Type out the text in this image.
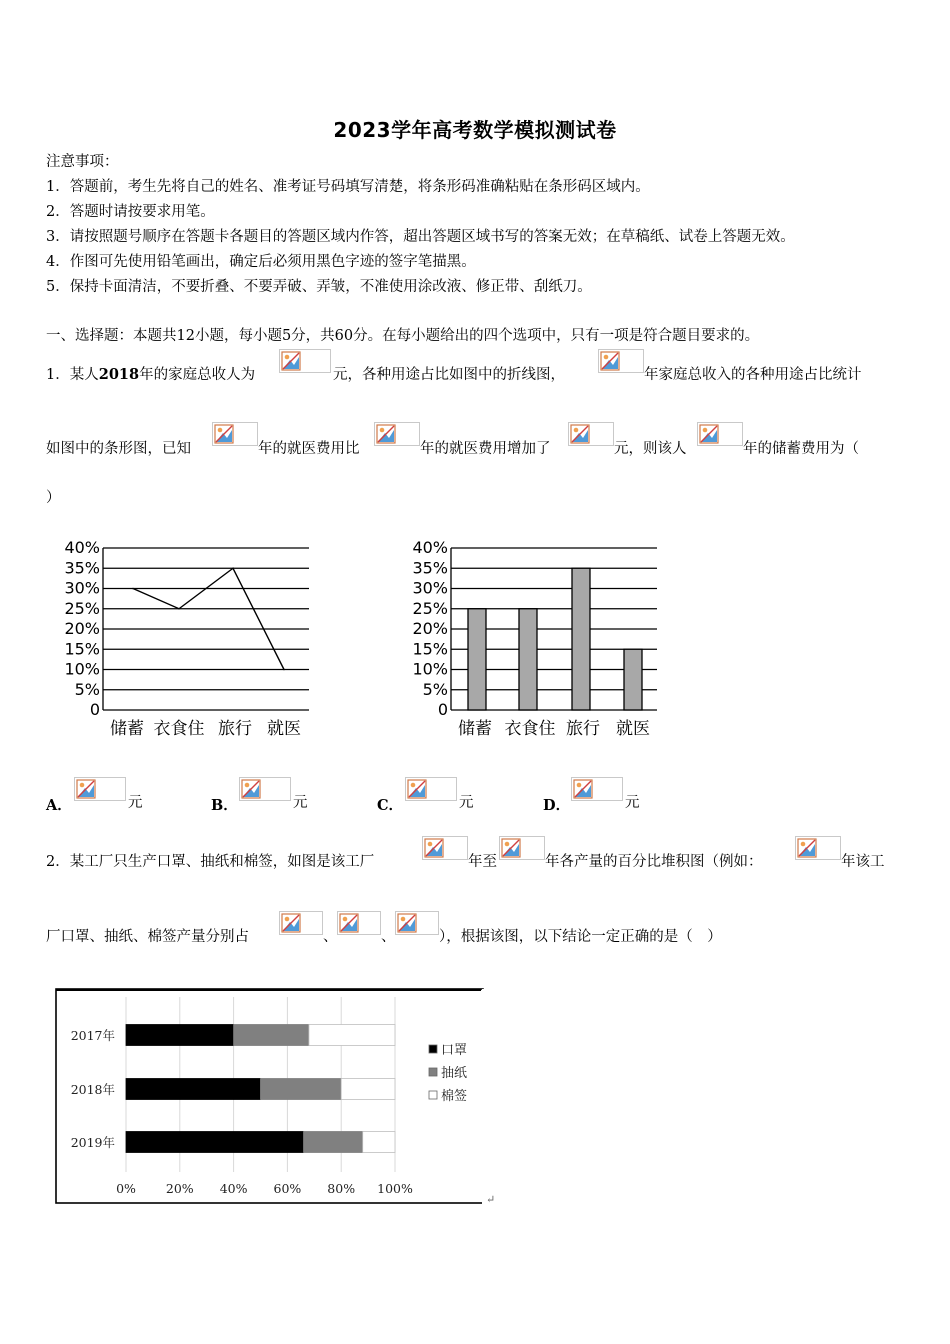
2023学年高考数学模拟测试卷
注意事项：
1．答题前，考生先将自己的姓名、准考证号码填写清楚，将条形码准确粘贴在条形码区域内。
2．答题时请按要求用笔。
3．请按照题号顺序在答题卡各题目的答题区域内作答，超出答题区域书写的答案无效；在草稿纸、试卷上答题无效。
4．作图可先使用铅笔画出，确定后必须用黑色字迹的签字笔描黑。
5．保持卡面清洁，不要折叠、不要弄破、弄皱，不准使用涂改液、修正带、刮纸刀。
一、选择题：本题共12小题，每小题5分，共60分。在每小题给出的四个选项中，只有一项是符合题目要求的。
1．某人2018年的家庭总收人为	元，各种用途占比如图中的折线图，	年家庭总收入的各种用途占比统计
如图中的条形图，已知	年的就医费用比	年的就医费用增加了	元，则该人	年的储蓄费用为（
）
0
5%
10%
15%
20%
25%
30%
35%
40%
储蓄 衣食住 旅行 就医
0
5%
10%
15%
20%
25%
30%
35%
40%
储蓄 衣食住 旅行 就医
A．	元	B．	元	C．	元	D．	元
2．某工厂只生产口罩、抽纸和棉签，如图是该工厂	年至	年各产量的百分比堆积图（例如：	年该工
厂口罩、抽纸、棉签产量分别占	、	、	），根据该图，以下结论一定正确的是（　）
0% 20% 40% 60% 80% 100%
2017年
2018年
2019年
口罩
抽纸
棉签
↵
